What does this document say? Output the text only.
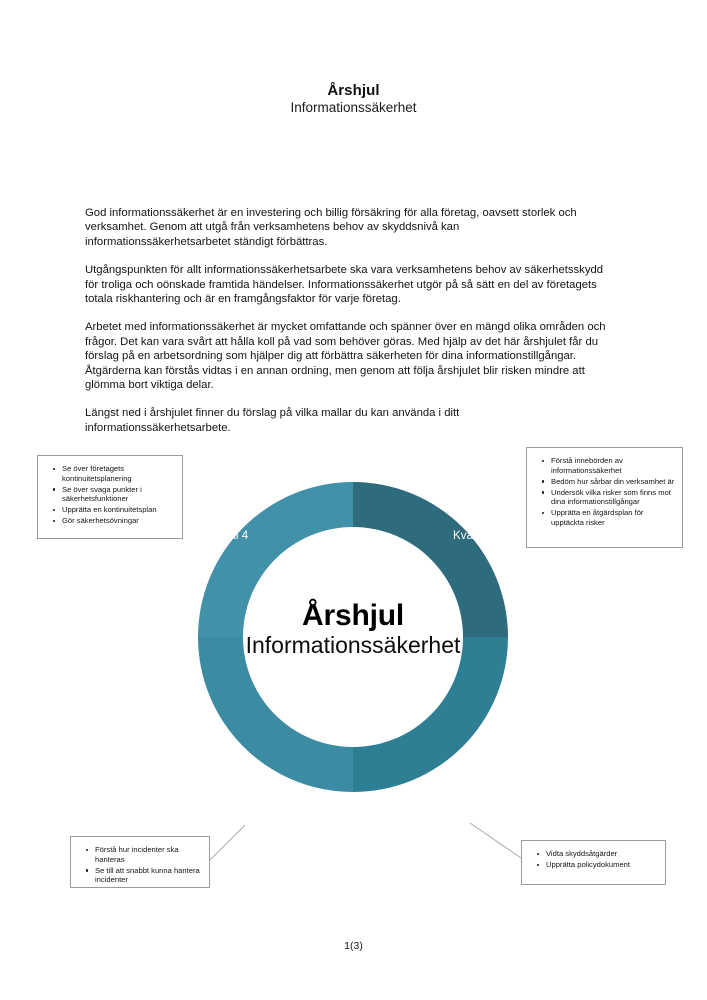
Årshjul
Informationssäkerhet

God informationssäkerhet är en investering och billig försäkring för alla företag, oavsett storlek och verksamhet. Genom att utgå från verksamhetens behov av skyddsnivå kan informationssäkerhetsarbetet ständigt förbättras.

Utgångspunkten för allt informationssäkerhetsarbete ska vara verksamhetens behov av säkerhetsskydd för troliga och oönskade framtida händelser. Informationssäkerhet utgör på så sätt en del av företagets totala riskhantering och är en framgångsfaktor för varje företag.

Arbetet med informationssäkerhet är mycket omfattande och spänner över en mängd olika områden och frågor. Det kan vara svårt att hålla koll på vad som behöver göras. Med hjälp av det här årshjulet får du förslag på en arbetsordning som hjälper dig att förbättra säkerheten för dina informationstillgångar. Åtgärderna kan förstås vidtas i en annan ordning, men genom att följa årshjulet blir risken mindre att glömma bort viktiga delar.

Längst ned i årshjulet finner du förslag på vilka mallar du kan använda i ditt informationssäkerhetsarbete.

Kvartal 1
Kvartal 2
Kvartal 3
Kvartal 4
Årshjul
Informationssäkerhet
Se över företagets kontinuitetsplanering
Se över svaga punkter i säkerhetsfunktioner
Upprätta en kontinuitetsplan
Gör säkerhetsövningar
Förstå innebörden av informationssäkerhet
Bedöm hur sårbar din verksamhet är
Undersök vilka risker som finns mot dina informationstillgångar
Upprätta en åtgärdsplan för upptäckta risker
Förstå hur incidenter ska hanteras
Se till att snabbt kunna hantera incidenter
Vidta skyddsåtgärder
Upprätta policydokument
1(3)
